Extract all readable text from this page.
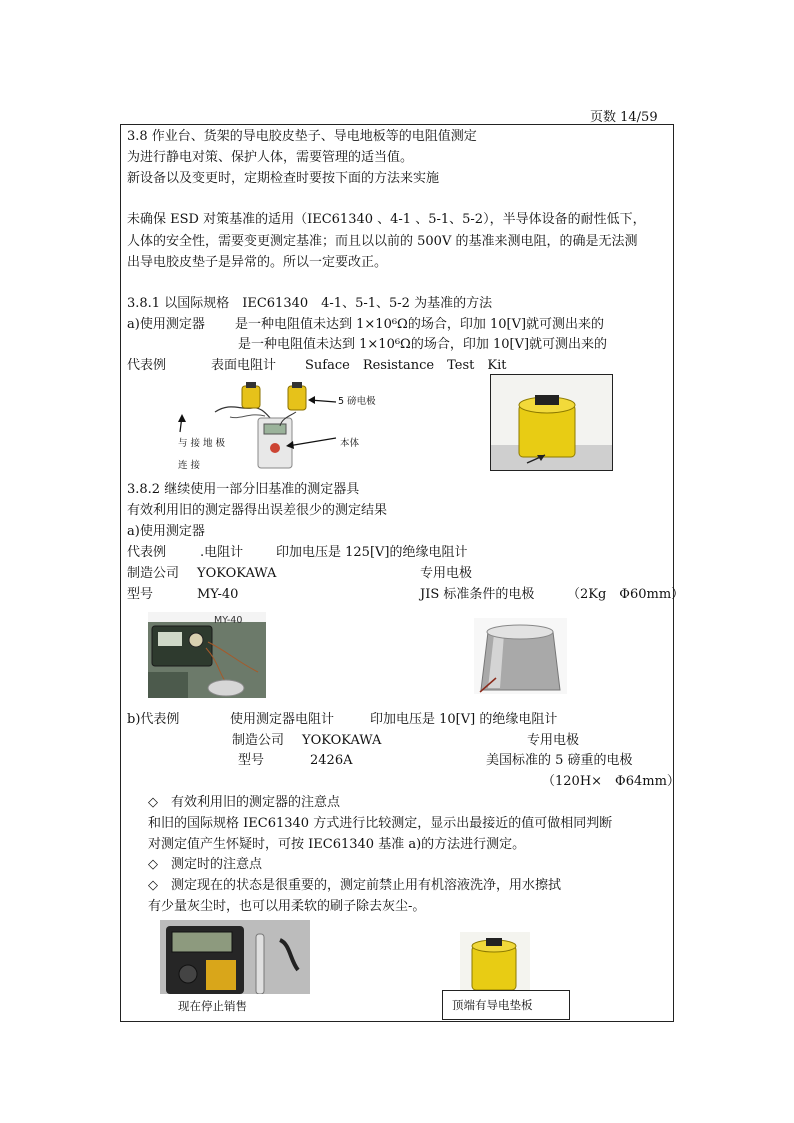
页数 14/59
3.8 作业台、货架的导电胶皮垫子、导电地板等的电阻值测定
为进行静电对策、保护人体，需要管理的适当值。
新设备以及变更时，定期检查时要按下面的方法来实施
未确保 ESD 对策基准的适用（IEC61340 、4-1 、5-1、5-2），半导体设备的耐性低下，
人体的安全性，需要变更测定基准；而且以以前的 500V 的基准来测电阻，的确是无法测
出导电胶皮垫子是异常的。所以一定要改正。
3.8.1 以国际规格　IEC61340　4-1、5-1、5-2 为基准的方法
a)使用测定器 是一种电阻值未达到 1×10⁶Ω的场合，印加 10[V]就可测出来的
是一种电阻值未达到 1×10⁶Ω的场合，印加 10[V]就可测出来的
代表例	表面电阻计 Suface　Resistance　Test　Kit
5 磅电极
与 接 地 极
连 接
本体
3.8.2 继续使用一部分旧基准的测定器具
有效利用旧的测定器得出误差很少的测定结果
a)使用测定器
代表例	.电阻计	印加电压是 125[V]的绝缘电阻计
制造公司 YOKOKAWA	专用电极
型号	MY-40	JIS 标准条件的电极	（2Kg　Φ60mm）
MY-40
b)代表例	使用测定器电阻计	印加电压是 10[V] 的绝缘电阻计
制造公司 YOKOKAWA	专用电极
型号	2426A	美国标准的 5 磅重的电极
（120H×　Φ64mm）
◇　有效利用旧的测定器的注意点
和旧的国际规格 IEC61340 方式进行比较测定，显示出最接近的值可做相同判断
对测定值产生怀疑时，可按 IEC61340 基准 a)的方法进行测定。
◇　测定时的注意点
◇　测定现在的状态是很重要的，测定前禁止用有机溶液洗净，用水擦拭
有少量灰尘时，也可以用柔软的刷子除去灰尘-。
现在停止销售	顶端有导电垫板
